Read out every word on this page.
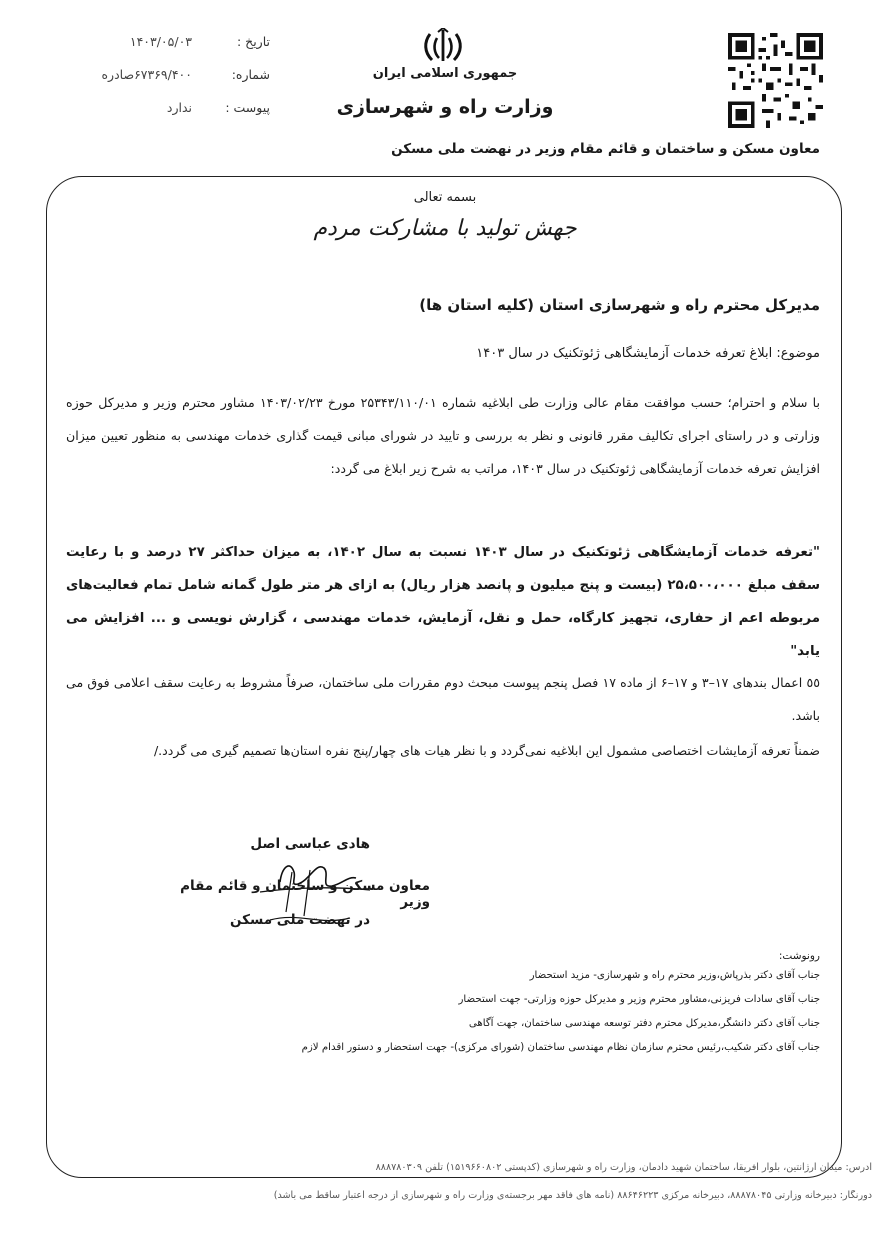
تاریخ :
۱۴۰۳/۰۵/۰۳
شماره:
۶۷۳۶۹/۴۰۰صادره
پیوست :
ندارد
جمهوری اسلامی ایران
وزارت راه و شهرسازی
معاون مسکن و ساختمان و قائم مقام وزیر در نهضت ملی مسکن
بسمه تعالی
جهش تولید با مشارکت مردم
مدیرکل محترم راه و شهرسازی استان (کلیه استان ها)
موضوع: ابلاغ تعرفه خدمات آزمایشگاهی ژئوتکنیک در سال ۱۴۰۳
با سلام و احترام؛ حسب موافقت مقام عالی وزارت طی ابلاغیه شماره ۲۵۳۴۳/۱۱۰/۰۱ مورخ ۱۴۰۳/۰۲/۲۳ مشاور محترم وزیر و مدیرکل حوزه وزارتی و در راستای اجرای تکالیف مقرر قانونی و نظر به بررسی و تایید در شورای مبانی قیمت گذاری خدمات مهندسی به منظور تعیین میزان افزایش تعرفه خدمات آزمایشگاهی ژئوتکنیک در سال ۱۴۰۳، مراتب به شرح زیر ابلاغ می گردد:
"تعرفه خدمات آزمایشگاهی ژئوتکنیک در سال ۱۴۰۳ نسبت به سال ۱۴۰۲، به میزان حداکثر ۲۷ درصد و با رعایت سقف مبلغ ۲۵،۵۰۰،۰۰۰ (بیست و پنج میلیون و پانصد هزار ریال) به ازای هر متر طول گمانه شامل تمام فعالیت‌های مربوطه اعم از حفاری، تجهیز کارگاه، حمل و نقل، آزمایش، خدمات مهندسی ، گزارش نویسی و ... افزایش می یابد"
٥٥ اعمال بندهای ۱۷–۳ و ۱۷–۶ از ماده ۱۷ فصل پنجم پیوست مبحث دوم مقررات ملی ساختمان، صرفاً مشروط به رعایت سقف اعلامی فوق می باشد.
ضمناً تعرفه آزمایشات اختصاصی مشمول این ابلاغیه نمی‌گردد و با نظر هیات های چهار/پنج نفره استان‌ها تصمیم گیری می گردد./
هادی عباسی اصل
معاون مسکن و ساختمان و قائم مقام وزیر
در نهضت ملی مسکن
رونوشت:
جناب آقای دکتر بذرپاش،وزیر محترم راه و شهرسازی- مزید استحضار
جناب آقای سادات فریزنی،مشاور محترم وزیر و مدیرکل حوزه وزارتی- جهت استحضار
جناب آقای دکتر دانشگر،مدیرکل محترم دفتر توسعه مهندسی ساختمان، جهت آگاهی
جناب آقای دکتر شکیب،رئیس محترم سازمان نظام مهندسی ساختمان (شورای مرکزی)- جهت استحضار و دستور اقدام لازم
آدرس: میدان آرژانتین، بلوار آفریقا، ساختمان شهید دادمان، وزارت راه و شهرسازی (کدپستی ۱۵۱۹۶۶۰۸۰۲) تلفن ۸۸۸۷۸۰۳۰۹
دورنگار: دبیرخانه وزارتی ۸۸۸۷۸۰۴۵، دبیرخانه مرکزی ۸۸۶۴۶۲۲۳ (نامه های فاقد مهر برجسته‌ی وزارت راه و شهرسازی از درجه اعتبار ساقط می باشد)
